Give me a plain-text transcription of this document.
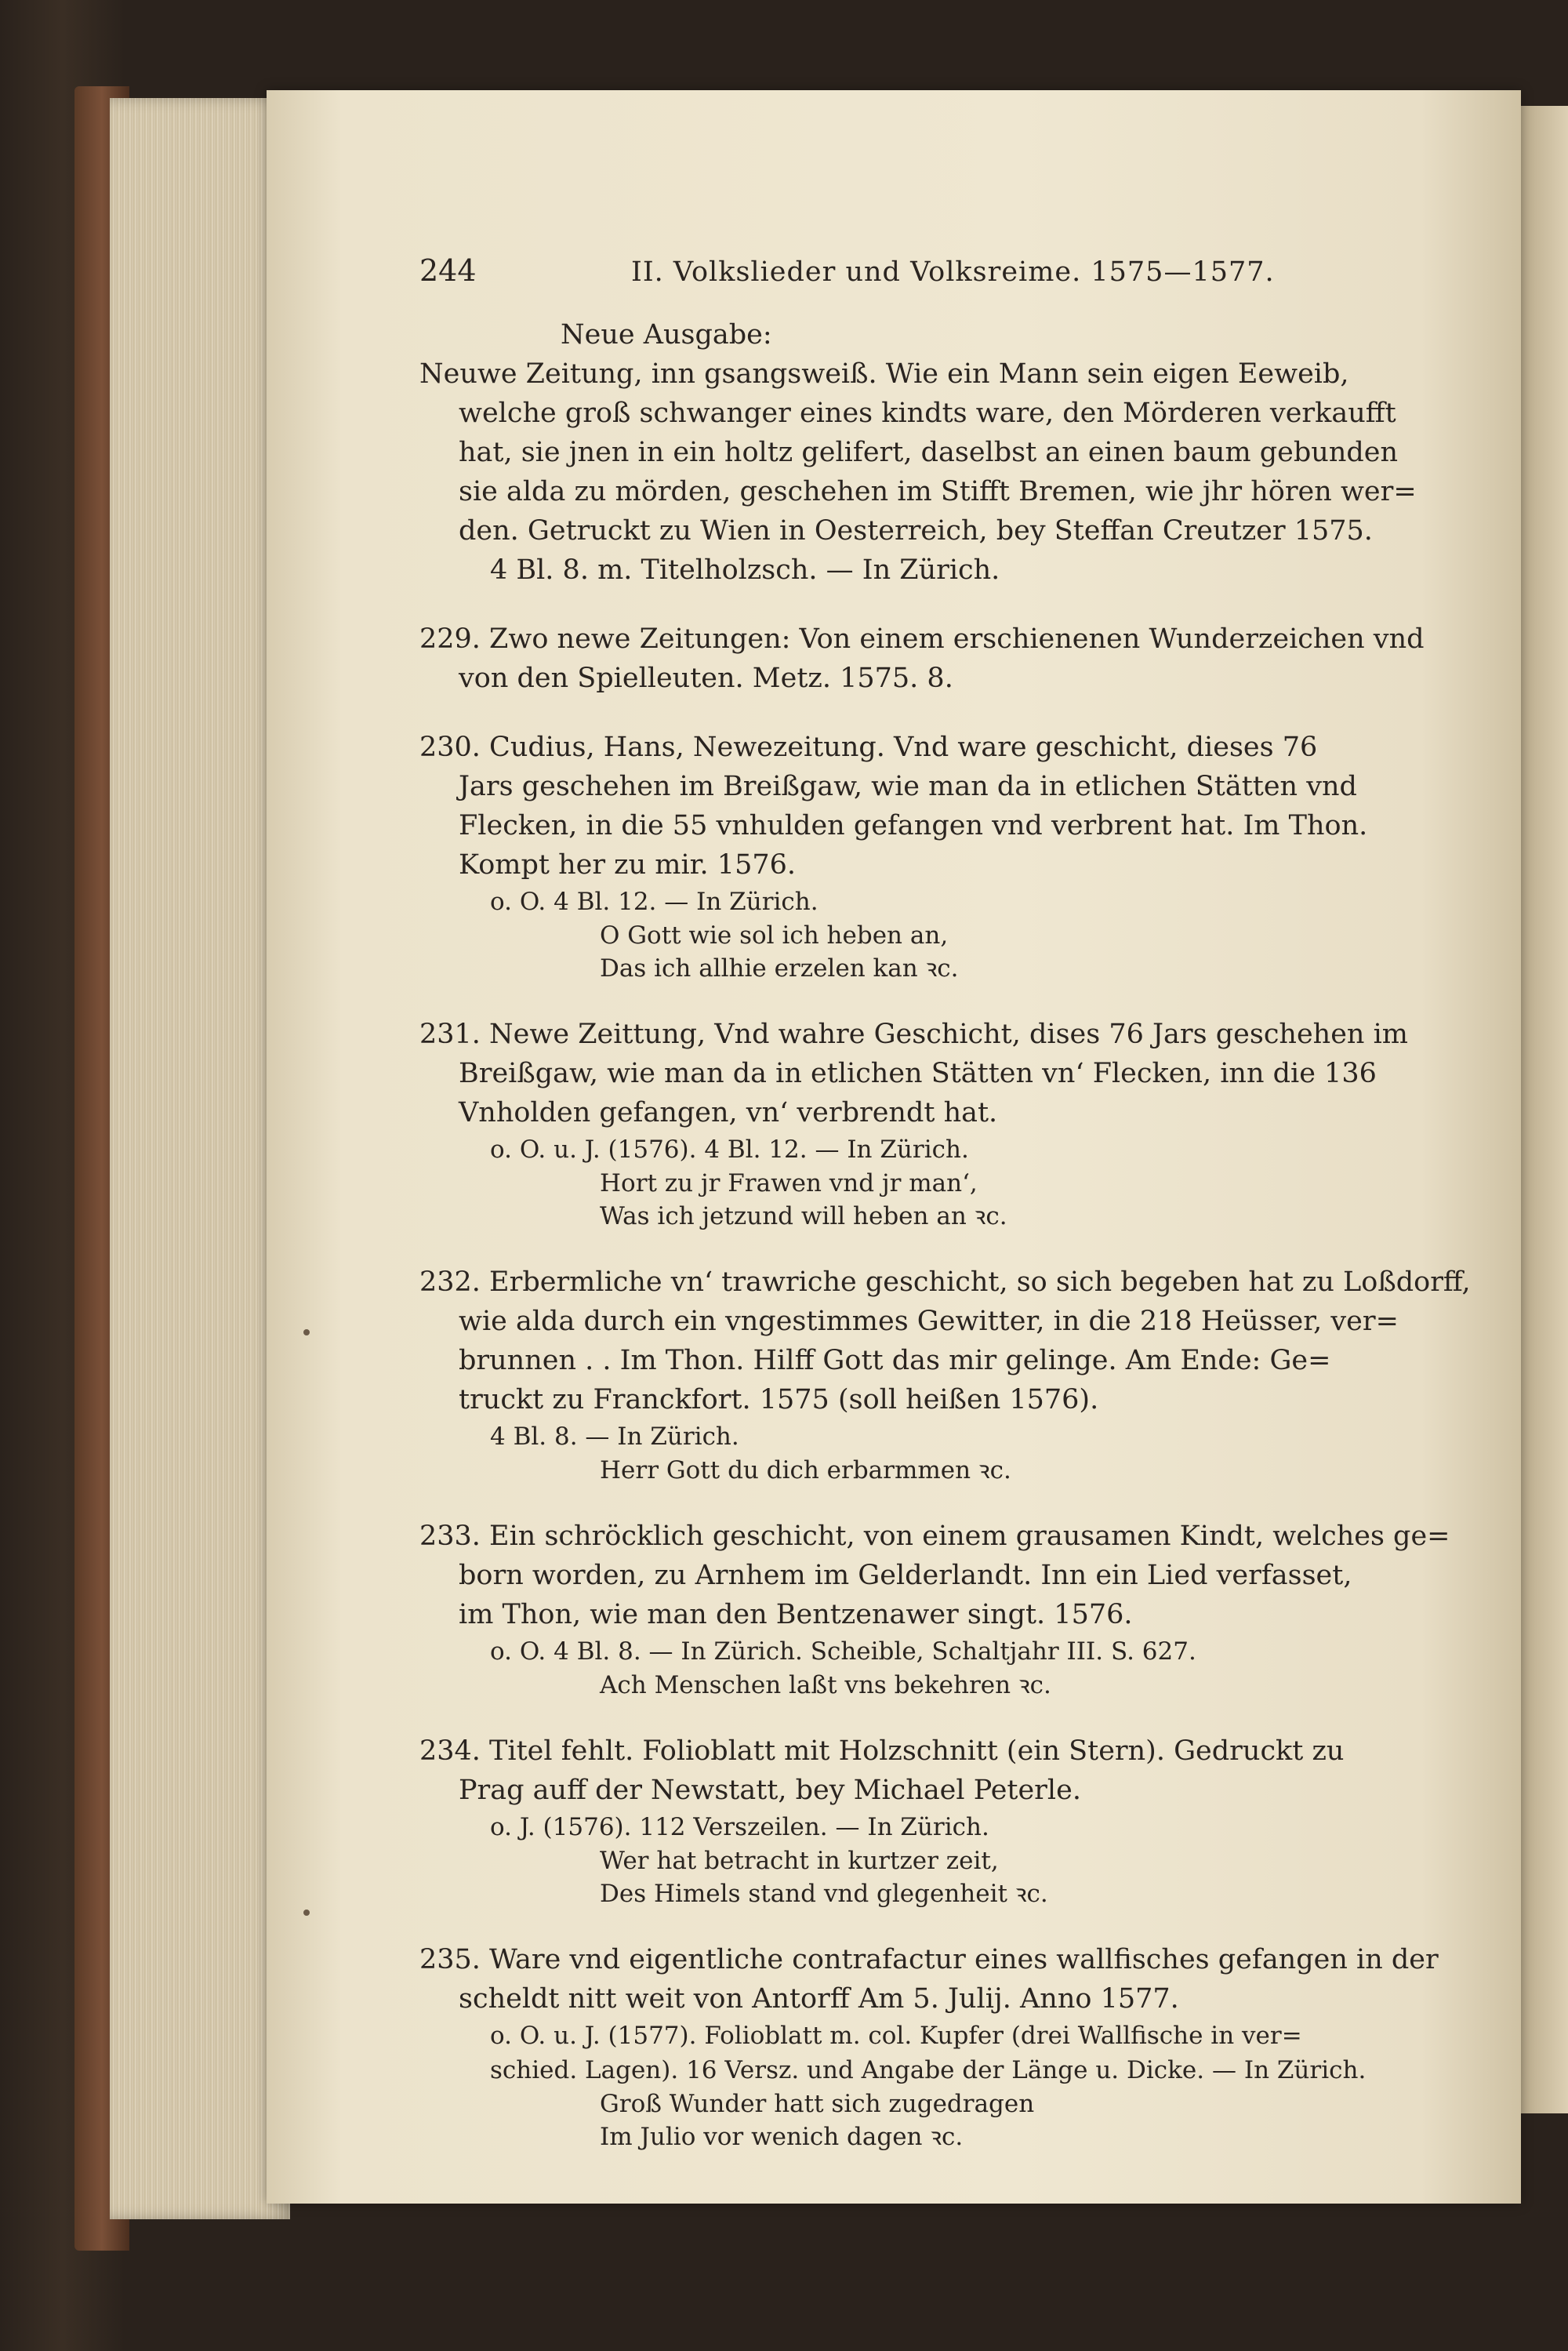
244	II. Volkslieder und Volksreime. 1575—1577.
Neue Ausgabe:
Neuwe Zeitung, inn gsangsweiß. Wie ein Mann sein eigen Eeweib,
welche groß schwanger eines kindts ware, den Mörderen verkaufft
hat, sie jnen in ein holtz gelifert, daselbst an einen baum gebunden
sie alda zu mörden, geschehen im Stifft Bremen, wie jhr hören wer=
den. Getruckt zu Wien in Oesterreich, bey Steffan Creutzer 1575.
4 Bl. 8. m. Titelholzsch. — In Zürich.
229. Zwo newe Zeitungen: Von einem erschienenen Wunderzeichen vnd
von den Spielleuten. Metz. 1575. 8.
230. Cudius, Hans, Newezeitung. Vnd ware geschicht, dieses 76
Jars geschehen im Breißgaw, wie man da in etlichen Stätten vnd
Flecken, in die 55 vnhulden gefangen vnd verbrent hat. Im Thon.
Kompt her zu mir. 1576.
o. O. 4 Bl. 12. — In Zürich.
O Gott wie sol ich heben an,
Das ich allhie erzelen kan ꝛc.
231. Newe Zeittung, Vnd wahre Geschicht, dises 76 Jars geschehen im
Breißgaw, wie man da in etlichen Stätten vn‘ Flecken, inn die 136
Vnholden gefangen, vn‘ verbrendt hat.
o. O. u. J. (1576). 4 Bl. 12. — In Zürich.
Hort zu jr Frawen vnd jr man‘,
Was ich jetzund will heben an ꝛc.
232. Erbermliche vn‘ trawriche geschicht, so sich begeben hat zu Loßdorff,
wie alda durch ein vngestimmes Gewitter, in die 218 Heüsser, ver=
brunnen . . Im Thon. Hilff Gott das mir gelinge. Am Ende: Ge=
truckt zu Franckfort. 1575 (soll heißen 1576).
4 Bl. 8. — In Zürich.
Herr Gott du dich erbarmmen ꝛc.
233. Ein schröcklich geschicht, von einem grausamen Kindt, welches ge=
born worden, zu Arnhem im Gelderlandt. Inn ein Lied verfasset,
im Thon, wie man den Bentzenawer singt. 1576.
o. O. 4 Bl. 8. — In Zürich. Scheible, Schaltjahr III. S. 627.
Ach Menschen laßt vns bekehren ꝛc.
234. Titel fehlt. Folioblatt mit Holzschnitt (ein Stern). Gedruckt zu
Prag auff der Newstatt, bey Michael Peterle.
o. J. (1576). 112 Verszeilen. — In Zürich.
Wer hat betracht in kurtzer zeit,
Des Himels stand vnd glegenheit ꝛc.
235. Ware vnd eigentliche contrafactur eines wallfisches gefangen in der
scheldt nitt weit von Antorff Am 5. Julij. Anno 1577.
o. O. u. J. (1577). Folioblatt m. col. Kupfer (drei Wallfische in ver=
schied. Lagen). 16 Versz. und Angabe der Länge u. Dicke. — In Zürich.
Groß Wunder hatt sich zugedragen
Im Julio vor wenich dagen ꝛc.
